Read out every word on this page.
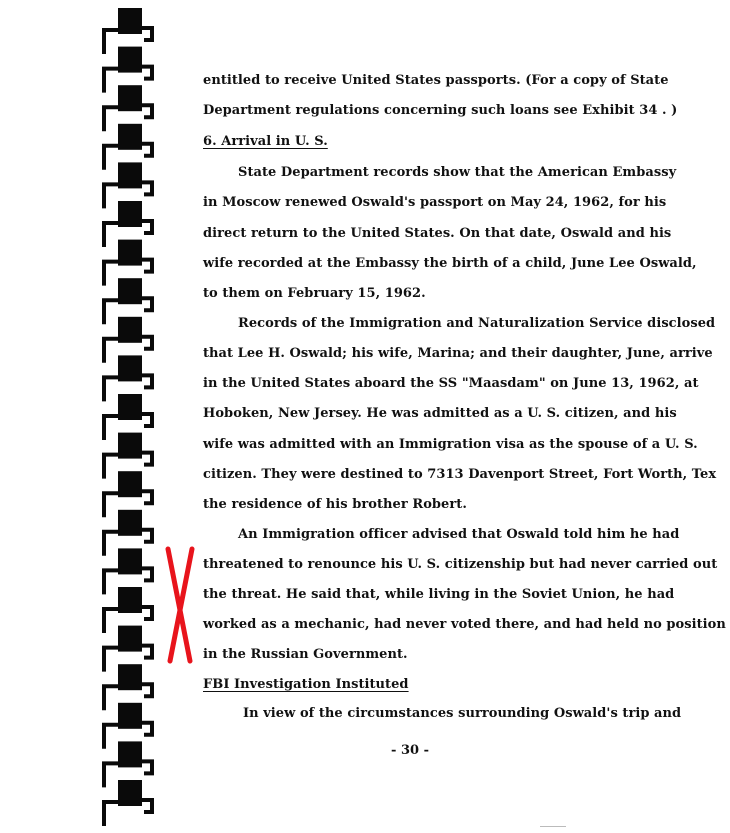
entitled to receive United States passports. (For a copy of State
Department regulations concerning such loans see Exhibit 34 . )
6. Arrival in U. S.
State Department records show that the American Embassy
in Moscow renewed Oswald's passport on May 24, 1962, for his
direct return to the United States. On that date, Oswald and his
wife recorded at the Embassy the birth of a child, June Lee Oswald,
to them on February 15, 1962.
Records of the Immigration and Naturalization Service disclosed
that Lee H. Oswald; his wife, Marina; and their daughter, June, arrive
in the United States aboard the SS "Maasdam" on June 13, 1962, at
Hoboken, New Jersey. He was admitted as a U. S. citizen, and his
wife was admitted with an Immigration visa as the spouse of a U. S.
citizen. They were destined to 7313 Davenport Street, Fort Worth, Tex
the residence of his brother Robert.
An Immigration officer advised that Oswald told him he had
threatened to renounce his U. S. citizenship but had never carried out
the threat. He said that, while living in the Soviet Union, he had
worked as a mechanic, had never voted there, and had held no position
in the Russian Government.
FBI Investigation Instituted
In view of the circumstances surrounding Oswald's trip and
- 30 -
